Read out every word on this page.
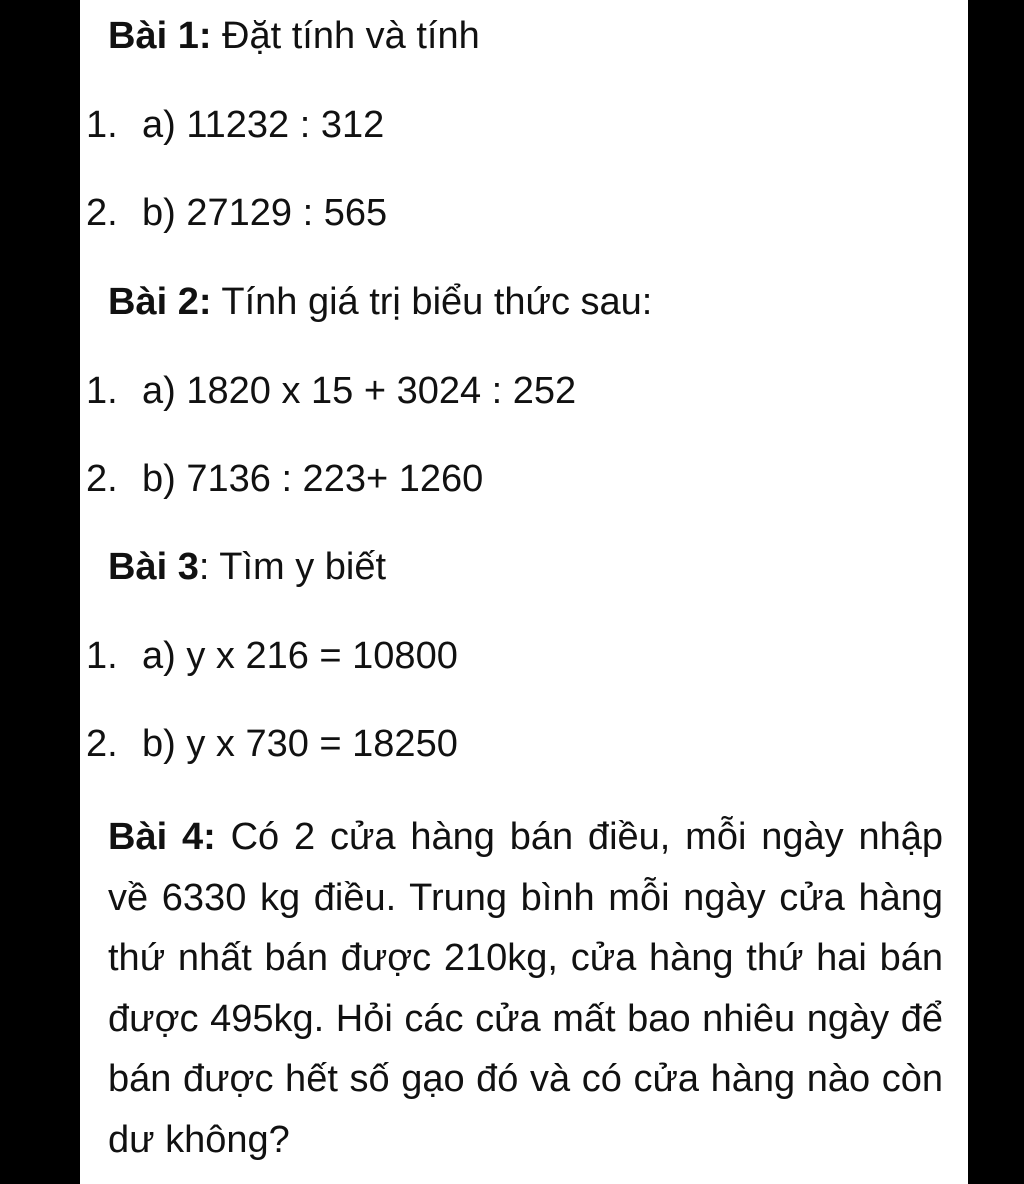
Bài 1: Đặt tính và tính
1. a) 11232 : 312
2. b) 27129 : 565
Bài 2: Tính giá trị biểu thức sau:
1. a) 1820 x 15 + 3024 : 252
2. b) 7136 : 223+ 1260
Bài 3: Tìm y biết
1. a) y x 216 = 10800
2. b) y x 730 = 18250
Bài 4: Có 2 cửa hàng bán điều, mỗi ngày nhập về 6330 kg điều. Trung bình mỗi ngày cửa hàng thứ nhất bán được 210kg, cửa hàng thứ hai bán được 495kg. Hỏi các cửa mất bao nhiêu ngày để bán được hết số gạo đó và có cửa hàng nào còn dư không?
